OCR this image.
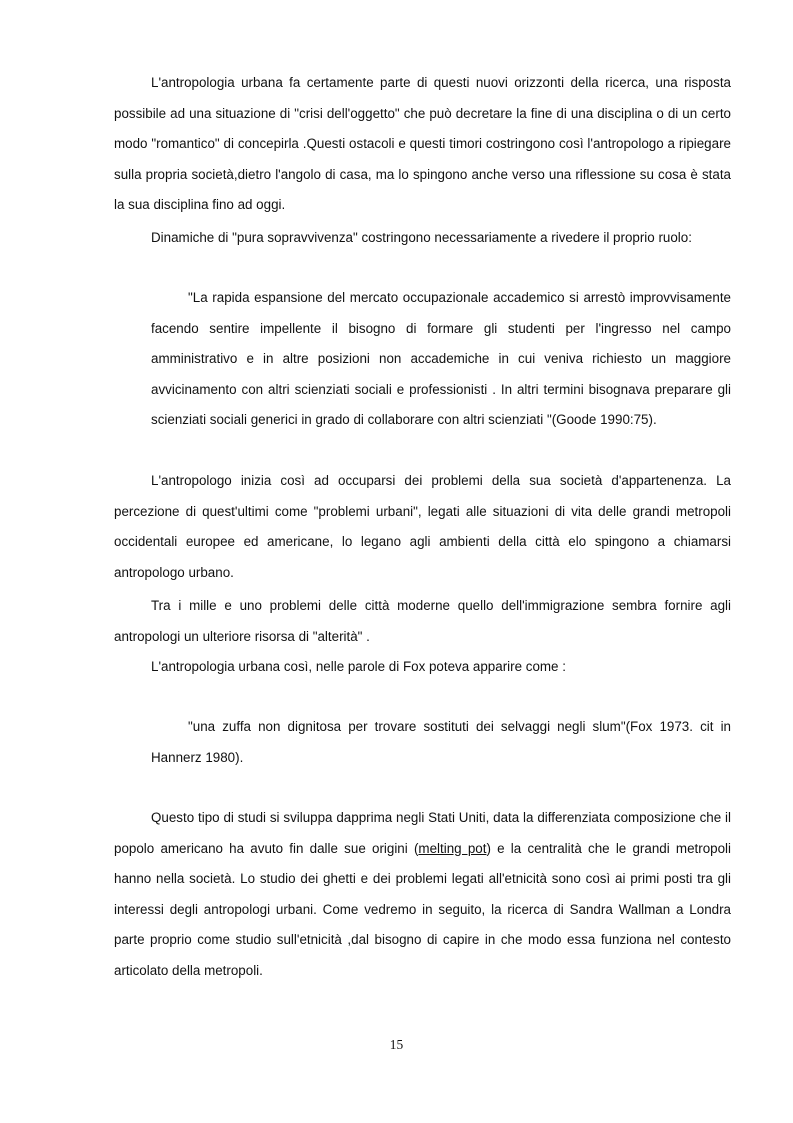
L'antropologia urbana fa certamente parte di questi nuovi orizzonti della ricerca, una risposta possibile ad una situazione di "crisi dell'oggetto" che può decretare la fine di una disciplina o di un certo modo "romantico" di concepirla .Questi ostacoli e questi timori costringono così l'antropologo a ripiegare sulla propria società,dietro l'angolo di casa, ma lo spingono anche verso una riflessione su cosa è stata la sua disciplina fino ad oggi.

Dinamiche di "pura sopravvivenza" costringono necessariamente a rivedere il proprio ruolo:

"La rapida espansione del mercato occupazionale accademico si arrestò improvvisamente facendo sentire impellente il bisogno di formare gli studenti per l'ingresso nel campo amministrativo e in altre posizioni non accademiche in cui veniva richiesto un maggiore avvicinamento con altri scienziati sociali e professionisti . In altri termini bisognava preparare gli scienziati sociali generici in grado di collaborare con altri scienziati "(Goode 1990:75).

L'antropologo inizia così ad occuparsi dei problemi della sua società d'appartenenza. La percezione di quest'ultimi come "problemi urbani", legati alle situazioni di vita delle grandi metropoli occidentali europee ed americane, lo legano agli ambienti della città elo spingono a chiamarsi antropologo urbano.

Tra i mille e uno problemi delle città moderne quello dell'immigrazione sembra fornire agli antropologi un ulteriore risorsa di "alterità" .

L'antropologia urbana così, nelle parole di Fox poteva apparire come :

"una zuffa non dignitosa per trovare sostituti dei selvaggi negli slum"(Fox 1973. cit in

Hannerz 1980).

Questo tipo di studi si sviluppa dapprima negli Stati Uniti, data la differenziata composizione che il popolo americano ha avuto fin dalle sue origini (melting pot) e la centralità che le grandi metropoli hanno nella società. Lo studio dei ghetti e dei problemi legati all'etnicità sono così ai primi posti tra gli interessi degli antropologi urbani. Come vedremo in seguito, la ricerca di Sandra Wallman a Londra parte proprio come studio sull'etnicità ,dal bisogno di capire in che modo essa funziona nel contesto articolato della metropoli.

15
